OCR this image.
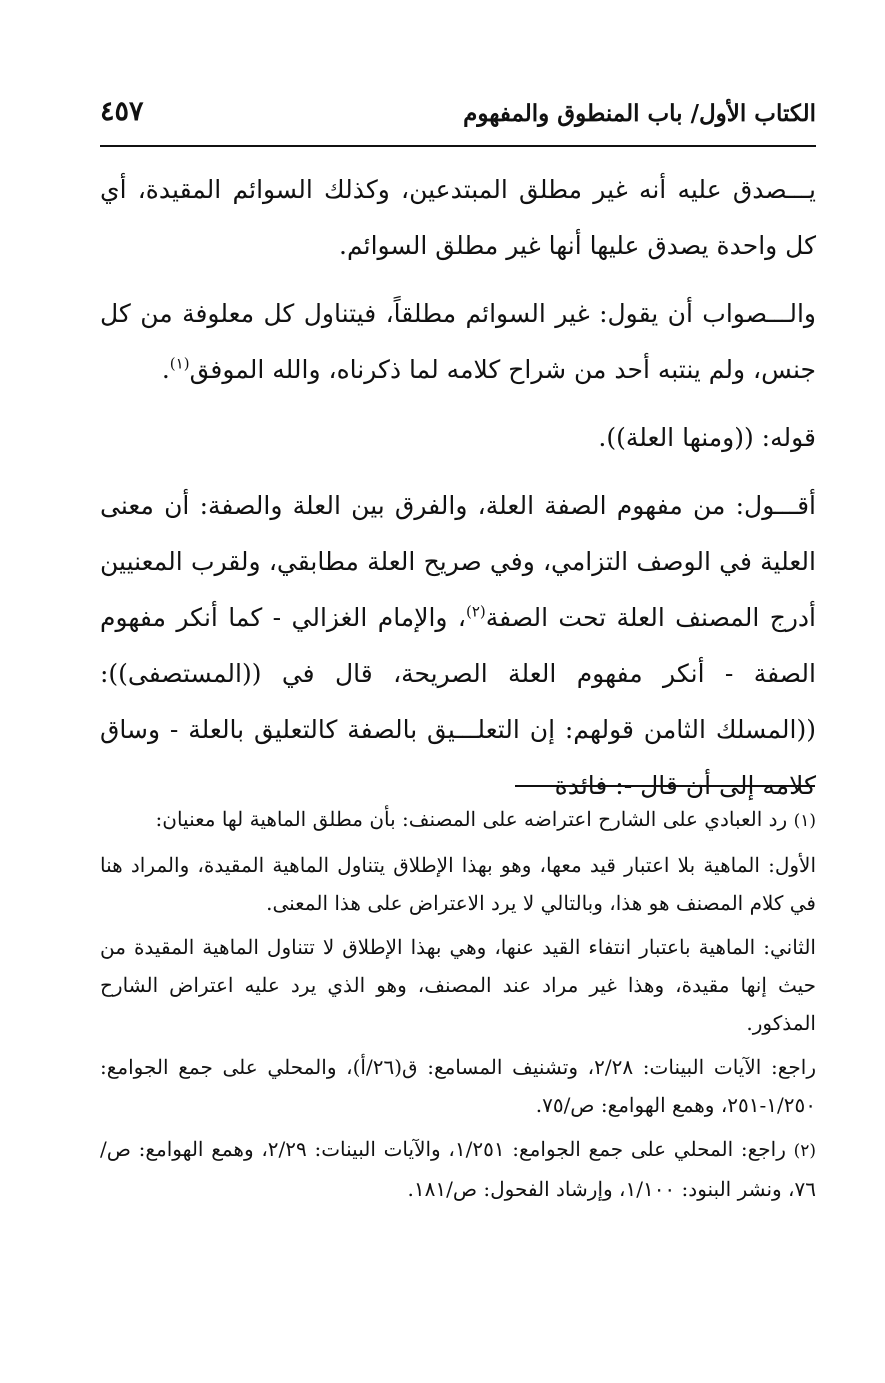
الكتاب الأول/ باب المنطوق والمفهوم
٤٥٧

يـــصدق عليه أنه غير مطلق المبتدعين، وكذلك السوائم المقيدة، أي كل واحدة يصدق عليها أنها غير مطلق السوائم.

والـــصواب أن يقول: غير السوائم مطلقاً، فيتناول كل معلوفة من كل جنس، ولم ينتبه أحد من شراح كلامه لما ذكرناه، والله الموفق$^{(١)}$.

قوله: ((ومنها العلة)).

أقـــول: من مفهوم الصفة العلة، والفرق بين العلة والصفة: أن معنى العلية في الوصف التزامي، وفي صريح العلة مطابقي، ولقرب المعنيين أدرج المصنف العلة تحت الصفة$^{(٢)}$، والإمام الغزالي - كما أنكر مفهوم الصفة - أنكر مفهوم العلة الصريحة، قال في ((المستصفى)): ((المسلك الثامن قولهم: إن التعلـــيق بالصفة كالتعليق بالعلة - وساق كلامه إلى أن قال -: فائدة

(١) رد العبادي على الشارح اعتراضه على المصنف: بأن مطلق الماهية لها معنيان:

الأول: الماهية بلا اعتبار قيد معها، وهو بهذا الإطلاق يتناول الماهية المقيدة، والمراد هنا في كلام المصنف هو هذا، وبالتالي لا يرد الاعتراض على هذا المعنى.

الثاني: الماهية باعتبار انتفاء القيد عنها، وهي بهذا الإطلاق لا تتناول الماهية المقيدة من حيث إنها مقيدة، وهذا غير مراد عند المصنف، وهو الذي يرد عليه اعتراض الشارح المذكور.

راجع: الآيات البينات: ٢/٢٨، وتشنيف المسامع: ق(٢٦/أ)، والمحلي على جمع الجوامع: ١/٢٥٠-٢٥١، وهمع الهوامع: ص/٧٥.

(٢) راجع: المحلي على جمع الجوامع: ١/٢٥١، والآيات البينات: ٢/٢٩، وهمع الهوامع: ص/٧٦، ونشر البنود: ١/١٠٠، وإرشاد الفحول: ص/١٨١.
